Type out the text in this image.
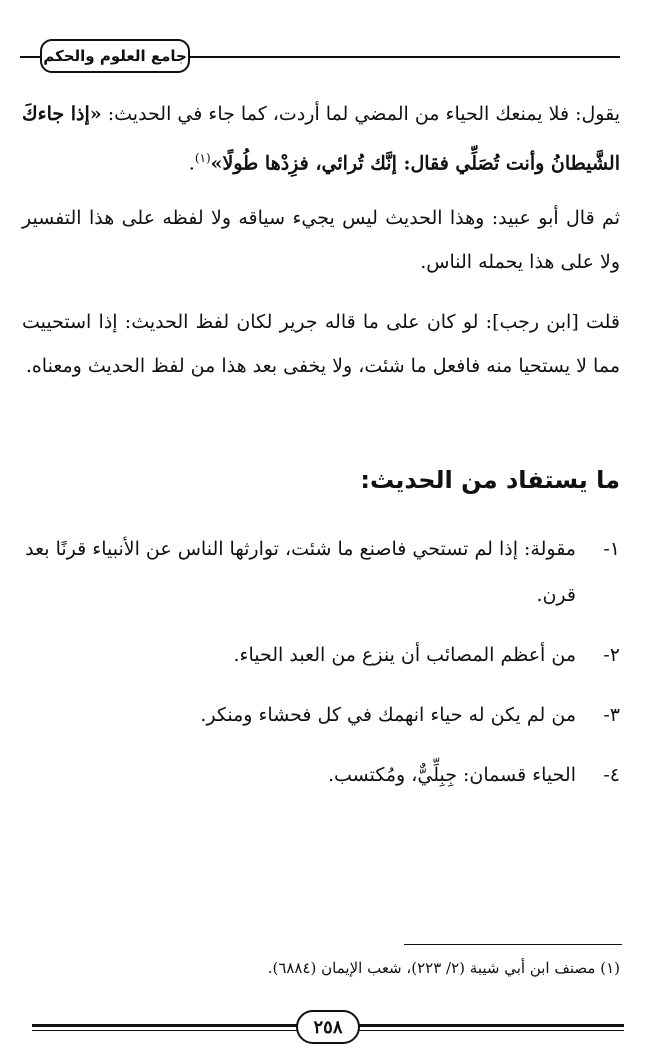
جامع العلوم والحكم
يقول: فلا يمنعك الحياء من المضي لما أردت، كما جاء في الحديث: «إذا جاءكَ الشَّيطانُ وأنت تُصَلِّي فقال: إنَّك تُرائي، فزِدْها طُولًا»$^{(١)}$.
ثم قال أبو عبيد: وهذا الحديث ليس يجيء سياقه ولا لفظه على هذا التفسير ولا على هذا يحمله الناس.
قلت [ابن رجب]: لو كان على ما قاله جرير لكان لفظ الحديث: إذا استحييت مما لا يستحيا منه فافعل ما شئت، ولا يخفى بعد هذا من لفظ الحديث ومعناه.
ما يستفاد من الحديث:
١-
مقولة: إذا لم تستحي فاصنع ما شئت، توارثها الناس عن الأنبياء قرنًا بعد قرن.
٢-
من أعظم المصائب أن ينزع من العبد الحياء.
٣-
من لم يكن له حياء انهمك في كل فحشاء ومنكر.
٤-
الحياء قسمان: جِبِلِّيٌّ، ومُكتسب.
(١) مصنف ابن أبي شيبة (٢/ ٢٢٣)، شعب الإيمان (٦٨٨٤).
٢٥٨
